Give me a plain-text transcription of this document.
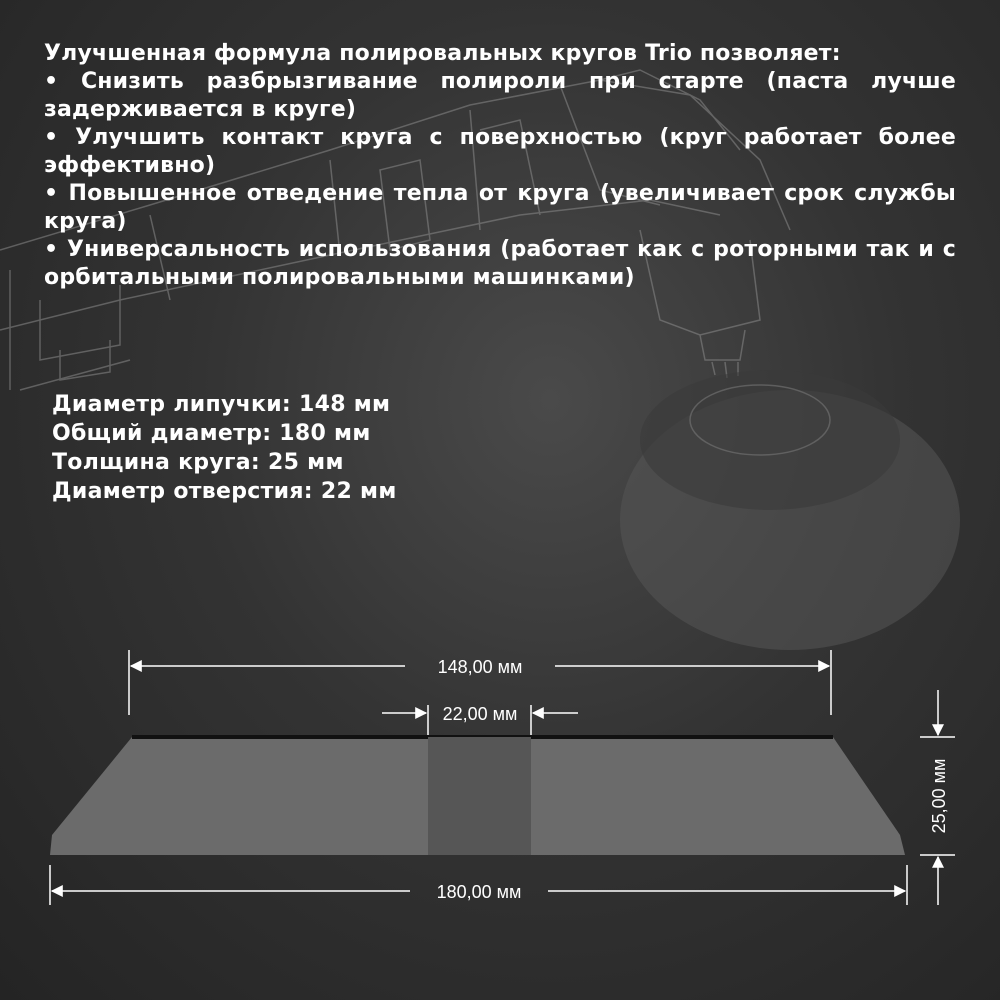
Улучшенная формула полировальных кругов Trio позволяет:
• Снизить разбрызгивание полироли при старте (паста лучше задерживается в круге)
• Улучшить контакт круга с поверхностью (круг работает более эффективно)
• Повышенное отведение тепла от круга (увеличивает срок службы круга)
• Универсальность использования (работает как с роторными так и с орбитальными полировальными машинками)
Диаметр липучки: 148 мм
Общий диаметр: 180 мм
Толщина круга: 25 мм
Диаметр отверстия: 22 мм
148,00 мм
22,00 мм
180,00 мм
25,00 мм
